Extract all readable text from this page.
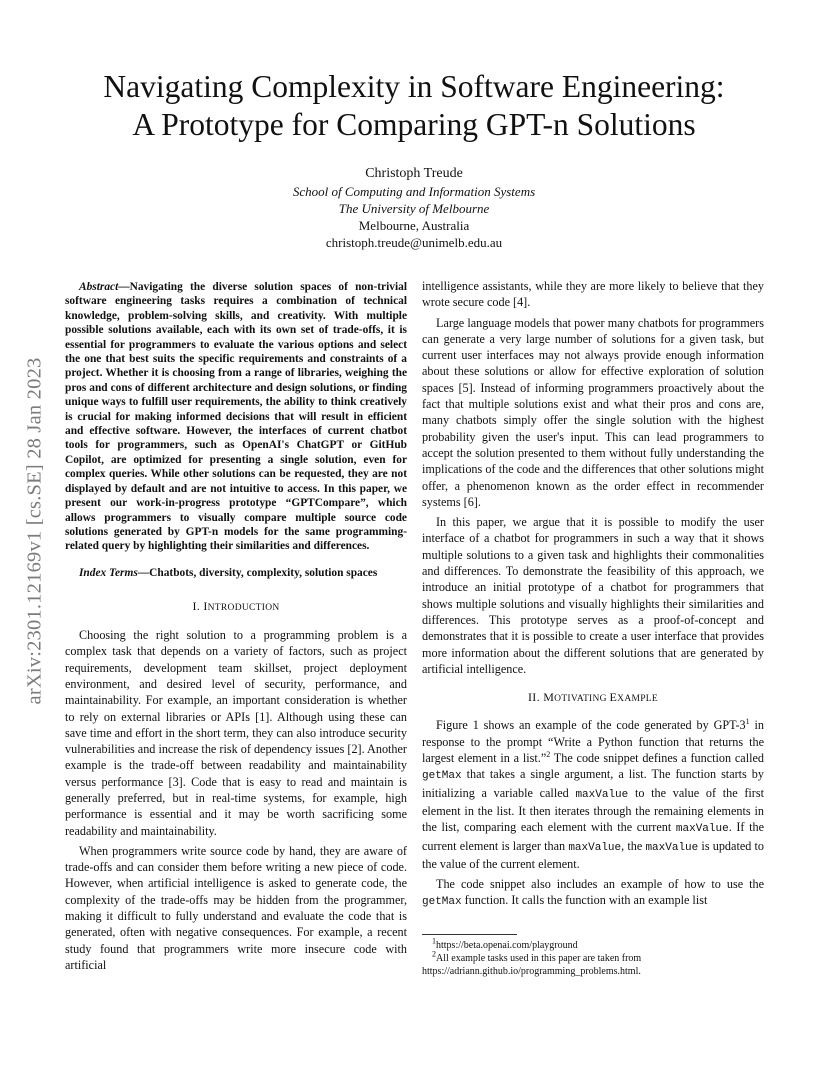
Navigating Complexity in Software Engineering:
A Prototype for Comparing GPT-n Solutions
Christoph Treude
School of Computing and Information Systems
The University of Melbourne
Melbourne, Australia
christoph.treude@unimelb.edu.au
arXiv:2301.12169v1 [cs.SE] 28 Jan 2023

Abstract—Navigating the diverse solution spaces of non-trivial software engineering tasks requires a combination of technical knowledge, problem-solving skills, and creativity. With multiple possible solutions available, each with its own set of trade-offs, it is essential for programmers to evaluate the various options and select the one that best suits the specific requirements and constraints of a project. Whether it is choosing from a range of libraries, weighing the pros and cons of different architecture and design solutions, or finding unique ways to fulfill user requirements, the ability to think creatively is crucial for making informed decisions that will result in efficient and effective software. However, the interfaces of current chatbot tools for programmers, such as OpenAI's ChatGPT or GitHub Copilot, are optimized for presenting a single solution, even for complex queries. While other solutions can be requested, they are not displayed by default and are not intuitive to access. In this paper, we present our work-in-progress prototype “GPTCompare”, which allows programmers to visually compare multiple source code solutions generated by GPT-n models for the same programming-related query by highlighting their similarities and differences.

Index Terms—Chatbots, diversity, complexity, solution spaces

I. INTRODUCTION

Choosing the right solution to a programming problem is a complex task that depends on a variety of factors, such as project requirements, development team skillset, project deployment environment, and desired level of security, performance, and maintainability. For example, an important consideration is whether to rely on external libraries or APIs [1]. Although using these can save time and effort in the short term, they can also introduce security vulnerabilities and increase the risk of dependency issues [2]. Another example is the trade-off between readability and maintainability versus performance [3]. Code that is easy to read and maintain is generally preferred, but in real-time systems, for example, high performance is essential and it may be worth sacrificing some readability and maintainability.

When programmers write source code by hand, they are aware of trade-offs and can consider them before writing a new piece of code. However, when artificial intelligence is asked to generate code, the complexity of the trade-offs may be hidden from the programmer, making it difficult to fully understand and evaluate the code that is generated, often with negative consequences. For example, a recent study found that programmers write more insecure code with artificial

intelligence assistants, while they are more likely to believe that they wrote secure code [4].

Large language models that power many chatbots for programmers can generate a very large number of solutions for a given task, but current user interfaces may not always provide enough information about these solutions or allow for effective exploration of solution spaces [5]. Instead of informing programmers proactively about the fact that multiple solutions exist and what their pros and cons are, many chatbots simply offer the single solution with the highest probability given the user's input. This can lead programmers to accept the solution presented to them without fully understanding the implications of the code and the differences that other solutions might offer, a phenomenon known as the order effect in recommender systems [6].

In this paper, we argue that it is possible to modify the user interface of a chatbot for programmers in such a way that it shows multiple solutions to a given task and highlights their commonalities and differences. To demonstrate the feasibility of this approach, we introduce an initial prototype of a chatbot for programmers that shows multiple solutions and visually highlights their similarities and differences. This prototype serves as a proof-of-concept and demonstrates that it is possible to create a user interface that provides more information about the different solutions that are generated by artificial intelligence.

II. MOTIVATING EXAMPLE

Figure 1 shows an example of the code generated by GPT-$3^1$ in response to the prompt “Write a Python function that returns the largest element in a list.”$^2$ The code snippet defines a function called getMax that takes a single argument, a list. The function starts by initializing a variable called maxValue to the value of the first element in the list. It then iterates through the remaining elements in the list, comparing each element with the current maxValue. If the current element is larger than maxValue, the maxValue is updated to the value of the current element.

The code snippet also includes an example of how to use the getMax function. It calls the function with an example list

$^1$https://beta.openai.com/playground

$^2$All example tasks used in this paper are taken from https://adriann.github.io/programming_problems.html.
